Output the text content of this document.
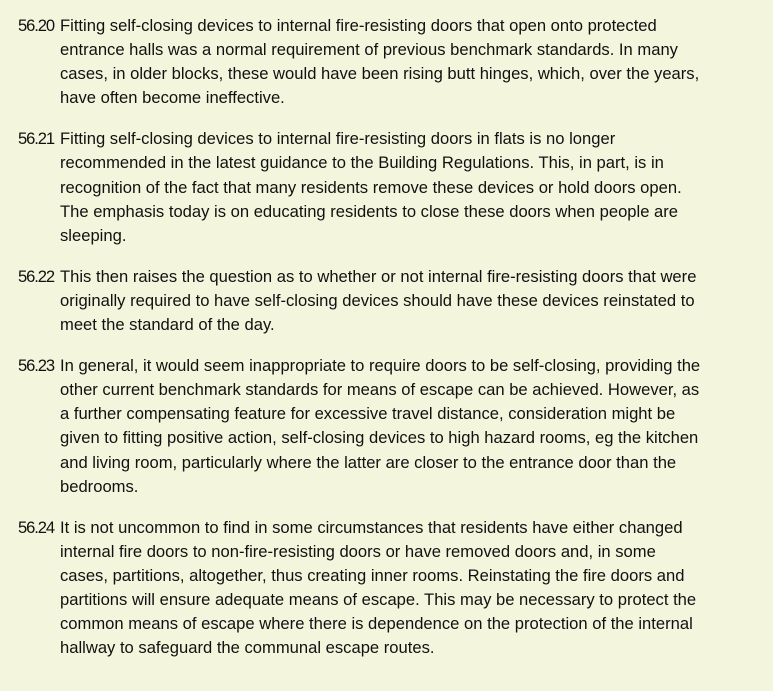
56.20 Fitting self-closing devices to internal fire-resisting doors that open onto protected
entrance halls was a normal requirement of previous benchmark standards. In many
cases, in older blocks, these would have been rising butt hinges, which, over the years,
have often become ineffective.
56.21 Fitting self-closing devices to internal fire-resisting doors in flats is no longer
recommended in the latest guidance to the Building Regulations. This, in part, is in
recognition of the fact that many residents remove these devices or hold doors open.
The emphasis today is on educating residents to close these doors when people are
sleeping.
56.22 This then raises the question as to whether or not internal fire-resisting doors that were
originally required to have self-closing devices should have these devices reinstated to
meet the standard of the day.
56.23 In general, it would seem inappropriate to require doors to be self-closing, providing the
other current benchmark standards for means of escape can be achieved. However, as
a further compensating feature for excessive travel distance, consideration might be
given to fitting positive action, self-closing devices to high hazard rooms, eg the kitchen
and living room, particularly where the latter are closer to the entrance door than the
bedrooms.
56.24 It is not uncommon to find in some circumstances that residents have either changed
internal fire doors to non-fire-resisting doors or have removed doors and, in some
cases, partitions, altogether, thus creating inner rooms. Reinstating the fire doors and
partitions will ensure adequate means of escape. This may be necessary to protect the
common means of escape where there is dependence on the protection of the internal
hallway to safeguard the communal escape routes.
